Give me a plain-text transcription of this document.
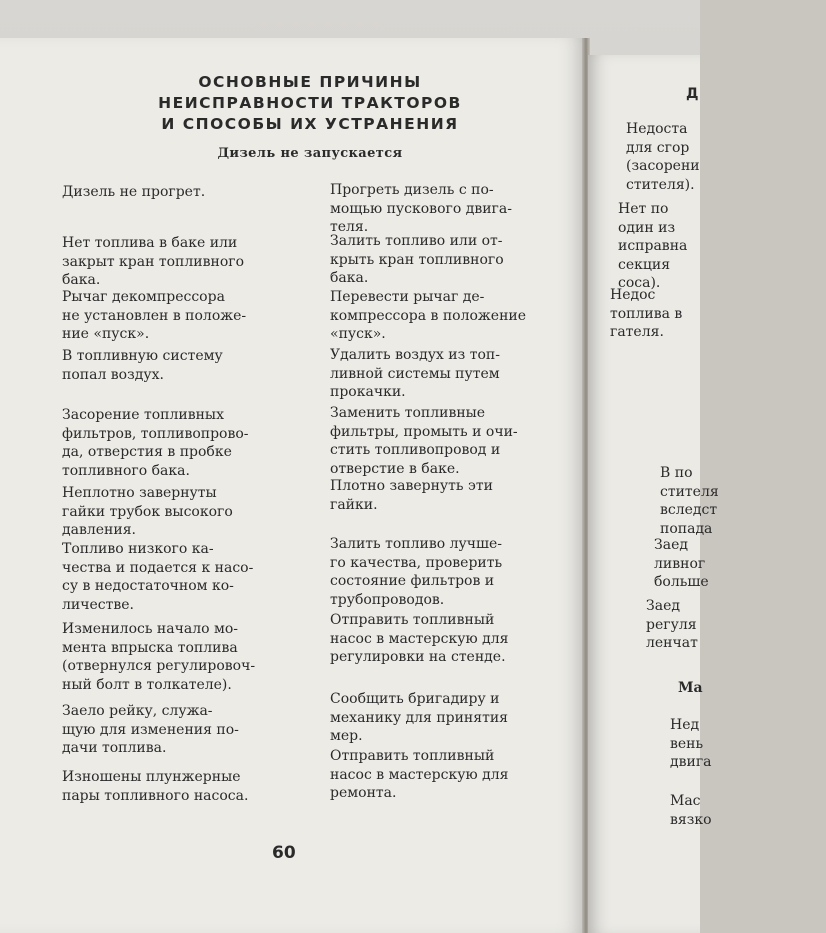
ОСНОВНЫЕ ПРИЧИНЫ
НЕИСПРАВНОСТИ ТРАКТОРОВ
И СПОСОБЫ ИХ УСТРАНЕНИЯ
Дизель не запускается
Дизель не прогрет.	Прогреть дизель с по-
мощью пускового двига-
теля.
Нет топлива в баке или
закрыт кран топливного
бака.
Залить топливо или от-
крыть кран топливного
бака.
Рычаг декомпрессора
не установлен в положе-
ние «пуск».
Перевести рычаг де-
компрессора в положение
«пуск».
В топливную систему
попал воздух.
Удалить воздух из топ-
ливной системы путем
прокачки.
Засорение топливных
фильтров, топливопрово-
да, отверстия в пробке
топливного бака.
Заменить топливные
фильтры, промыть и очи-
стить топливопровод и
отверстие в баке.
Неплотно завернуты
гайки трубок высокого
давления.
Плотно завернуть эти
гайки.
Топливо низкого ка-
чества и подается к насо-
су в недостаточном ко-
личестве.
Залить топливо лучше-
го качества, проверить
состояние фильтров и
трубопроводов.
Изменилось начало мо-
мента впрыска топлива
(отвернулся регулировоч-
ный болт в толкателе).
Отправить топливный
насос в мастерскую для
регулировки на стенде.
Заело рейку, служа-
щую для изменения по-
дачи топлива.
Сообщить бригадиру и
механику для принятия
мер.
Изношены плунжерные
пары топливного насоса.
Отправить топливный
насос в мастерскую для
ремонта.
60
Д
Недоста
для сгор
(засорени
стителя).
Нет по
один из
исправна
секция
соса).
Недос
топлива в
гателя.
В по
стителя
вследст
попада
Заед
ливног
больше
Заед
регуля
ленчат
Ма
Нед
вень
двига
Мас
вязко
